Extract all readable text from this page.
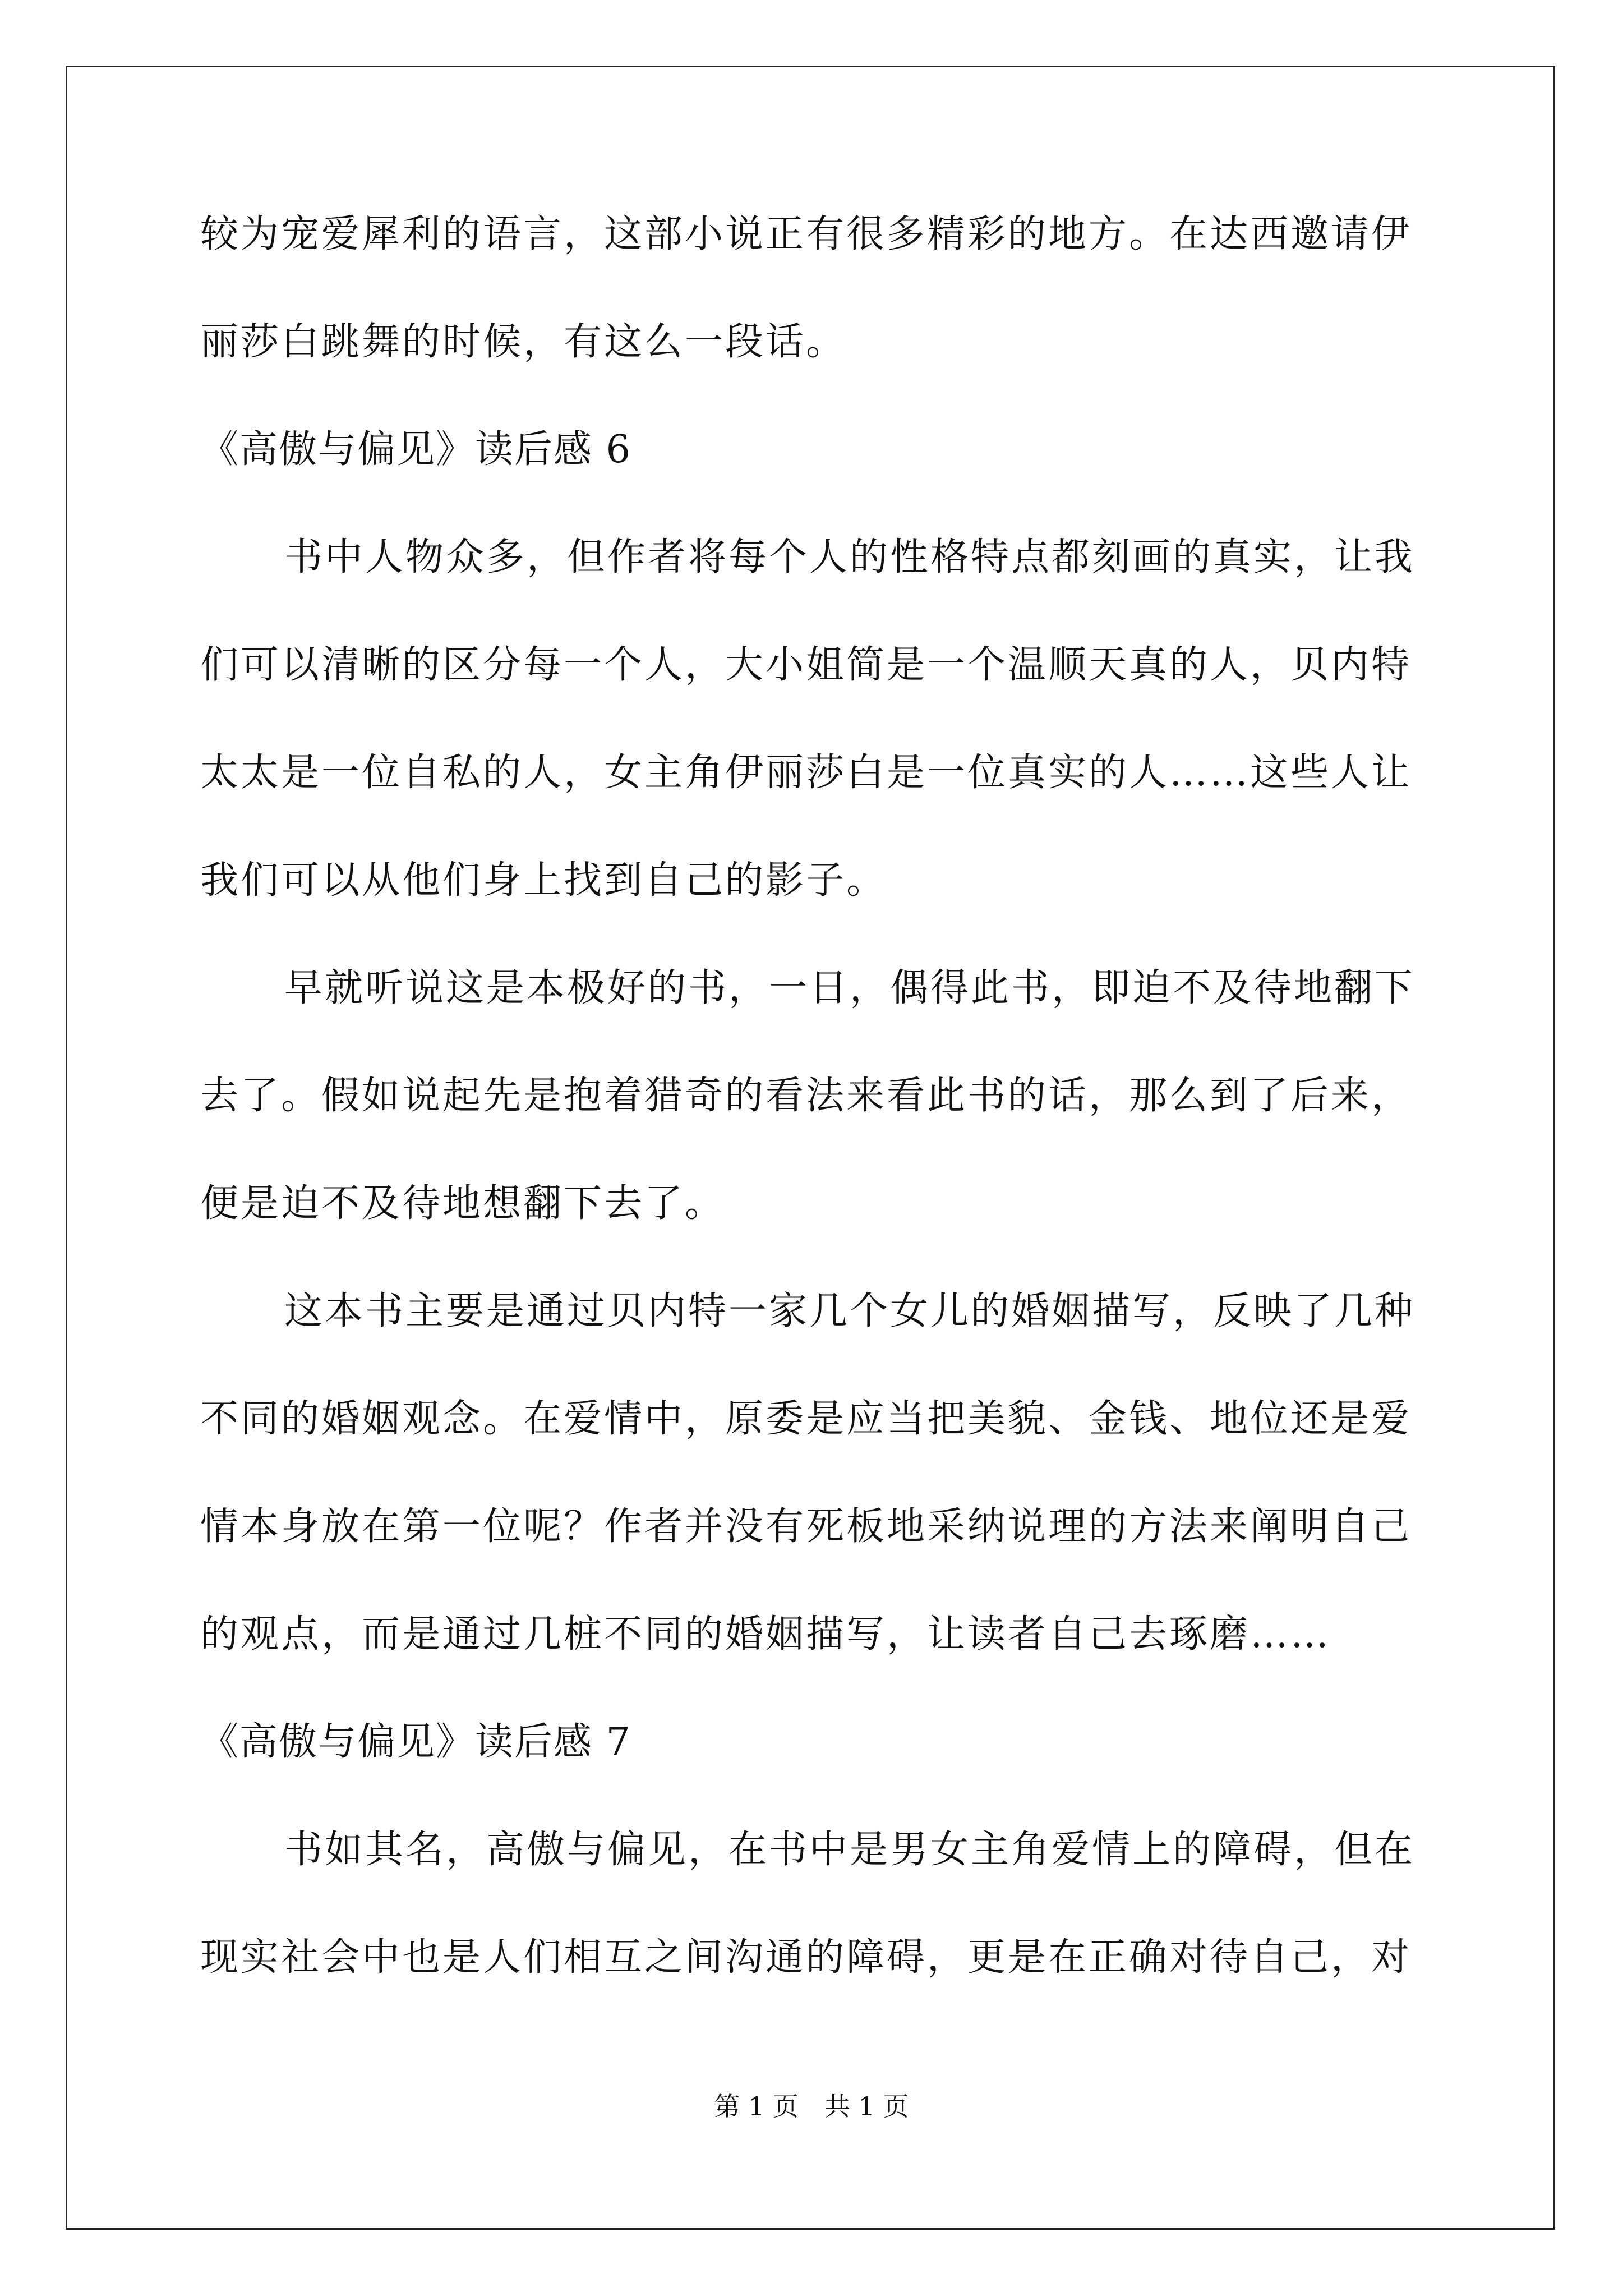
较为宠爱犀利的语言，这部小说正有很多精彩的地方。在达西邀请伊
丽莎白跳舞的时候，有这么一段话。
《高傲与偏见》读后感 6
书中人物众多，但作者将每个人的性格特点都刻画的真实，让我
们可以清晰的区分每一个人，大小姐简是一个温顺天真的人，贝内特
太太是一位自私的人，女主角伊丽莎白是一位真实的人……这些人让
我们可以从他们身上找到自己的影子。
早就听说这是本极好的书，一日，偶得此书，即迫不及待地翻下
去了。假如说起先是抱着猎奇的看法来看此书的话，那么到了后来，
便是迫不及待地想翻下去了。
这本书主要是通过贝内特一家几个女儿的婚姻描写，反映了几种
不同的婚姻观念。在爱情中，原委是应当把美貌、金钱、地位还是爱
情本身放在第一位呢？作者并没有死板地采纳说理的方法来阐明自己
的观点，而是通过几桩不同的婚姻描写，让读者自己去琢磨……
《高傲与偏见》读后感 7
书如其名，高傲与偏见，在书中是男女主角爱情上的障碍，但在
现实社会中也是人们相互之间沟通的障碍，更是在正确对待自己，对
第 1 页　共 1 页
